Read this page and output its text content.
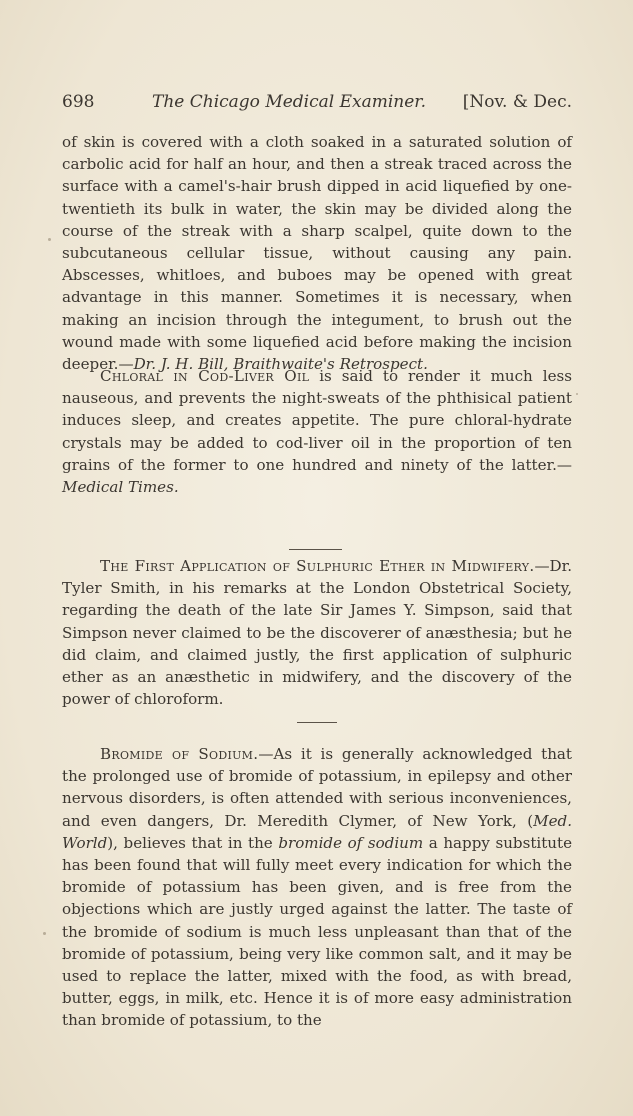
698	The Chicago Medical Examiner. [Nov. & Dec.
of skin is covered with a cloth soaked in a saturated solution of carbolic acid for half an hour, and then a streak traced across the surface with a camel's-hair brush dipped in acid liquefied by one-twentieth its bulk in water, the skin may be divided along the course of the streak with a sharp scalpel, quite down to the subcutaneous cellular tissue, without causing any pain. Abscesses, whitloes, and buboes may be opened with great advantage in this manner. Sometimes it is necessary, when making an incision through the integument, to brush out the wound made with some liquefied acid before making the incision deeper.—Dr. J. H. Bill, Braithwaite's Retrospect.
Chloral in Cod-Liver Oil is said to render it much less nauseous, and prevents the night-sweats of the phthisical patient induces sleep, and creates appetite. The pure chloral-hydrate crystals may be added to cod-liver oil in the proportion of ten grains of the former to one hundred and ninety of the latter.—Medical Times.
The First Application of Sulphuric Ether in Midwifery.—Dr. Tyler Smith, in his remarks at the London Obstetrical Society, regarding the death of the late Sir James Y. Simpson, said that Simpson never claimed to be the discoverer of anæsthesia; but he did claim, and claimed justly, the first application of sulphuric ether as an anæsthetic in midwifery, and the discovery of the power of chloroform.
Bromide of Sodium.—As it is generally acknowledged that the prolonged use of bromide of potassium, in epilepsy and other nervous disorders, is often attended with serious inconveniences, and even dangers, Dr. Meredith Clymer, of New York, (Med. World), believes that in the bromide of sodium a happy substitute has been found that will fully meet every indication for which the bromide of potassium has been given, and is free from the objections which are justly urged against the latter. The taste of the bromide of sodium is much less unpleasant than that of the bromide of potassium, being very like common salt, and it may be used to replace the latter, mixed with the food, as with bread, butter, eggs, in milk, etc. Hence it is of more easy administration than bromide of potassium, to the
